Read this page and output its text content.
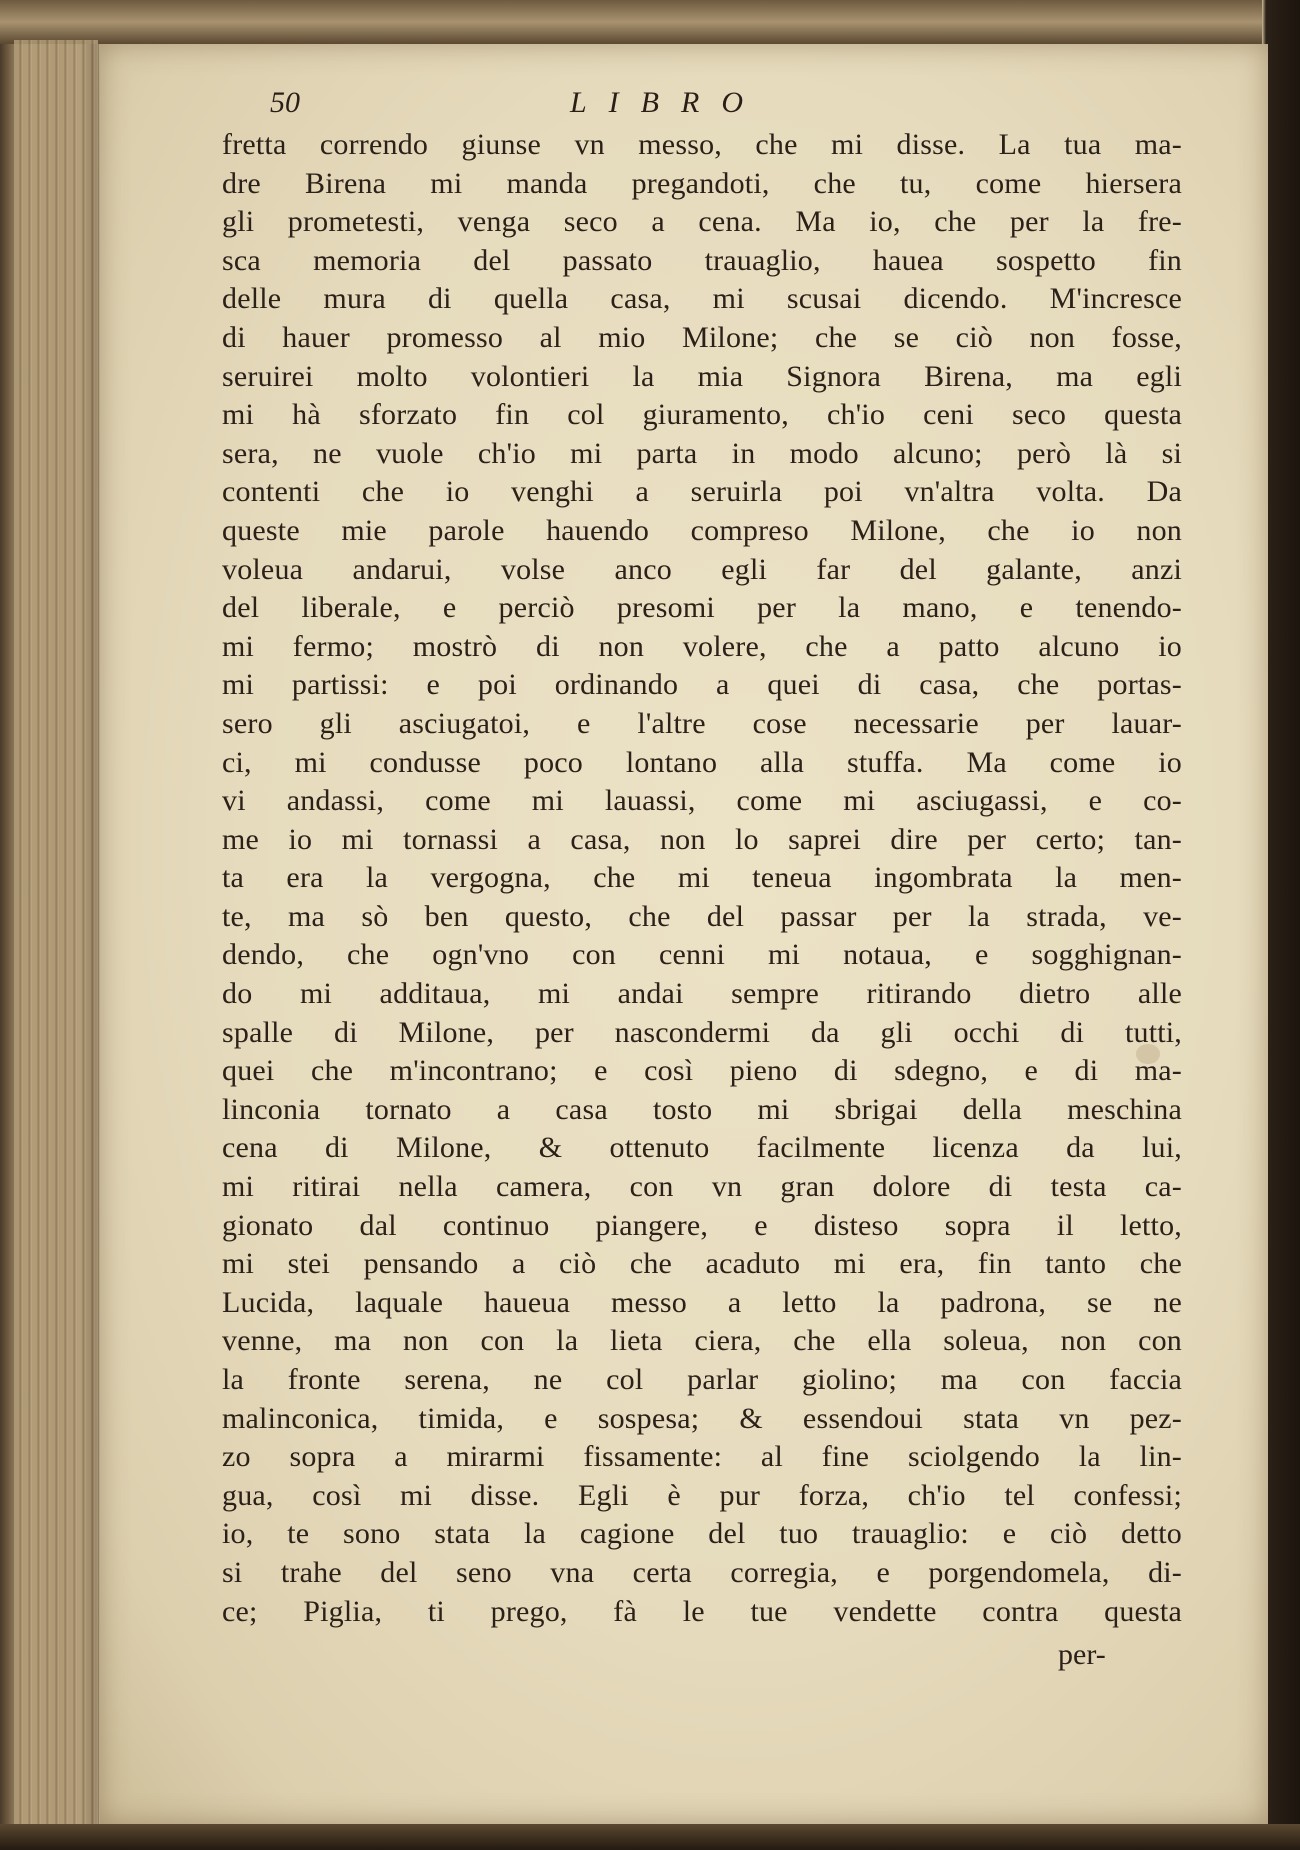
50	LIBRO
fretta correndo giunse vn messo, che mi disse. La tua ma-
dre Birena mi manda pregandoti, che tu, come hiersera
gli prometesti, venga seco a cena. Ma io, che per la fre-
sca memoria del passato trauaglio, hauea sospetto fin
delle mura di quella casa, mi scusai dicendo. M'incresce
di hauer promesso al mio Milone; che se ciò non fosse,
seruirei molto volontieri la mia Signora Birena, ma egli
mi hà sforzato fin col giuramento, ch'io ceni seco questa
sera, ne vuole ch'io mi parta in modo alcuno; però là si
contenti che io venghi a seruirla poi vn'altra volta. Da
queste mie parole hauendo compreso Milone, che io non
voleua andarui, volse anco egli far del galante, anzi
del liberale, e perciò presomi per la mano, e tenendo-
mi fermo; mostrò di non volere, che a patto alcuno io
mi partissi: e poi ordinando a quei di casa, che portas-
sero gli asciugatoi, e l'altre cose necessarie per lauar-
ci, mi condusse poco lontano alla stuffa. Ma come io
vi andassi, come mi lauassi, come mi asciugassi, e co-
me io mi tornassi a casa, non lo saprei dire per certo; tan-
ta era la vergogna, che mi teneua ingombrata la men-
te, ma sò ben questo, che del passar per la strada, ve-
dendo, che ogn'vno con cenni mi notaua, e sogghignan-
do mi additaua, mi andai sempre ritirando dietro alle
spalle di Milone, per nascondermi da gli occhi di tutti,
quei che m'incontrano; e così pieno di sdegno, e di ma-
linconia tornato a casa tosto mi sbrigai della meschina
cena di Milone, & ottenuto facilmente licenza da lui,
mi ritirai nella camera, con vn gran dolore di testa ca-
gionato dal continuo piangere, e disteso sopra il letto,
mi stei pensando a ciò che acaduto mi era, fin tanto che
Lucida, laquale haueua messo a letto la padrona, se ne
venne, ma non con la lieta ciera, che ella soleua, non con
la fronte serena, ne col parlar giolino; ma con faccia
malinconica, timida, e sospesa; & essendoui stata vn pez-
zo sopra a mirarmi fissamente: al fine sciolgendo la lin-
gua, così mi disse. Egli è pur forza, ch'io tel confessi;
io, te sono stata la cagione del tuo trauaglio: e ciò detto
si trahe del seno vna certa corregia, e porgendomela, di-
ce; Piglia, ti prego, fà le tue vendette contra questa
per-
